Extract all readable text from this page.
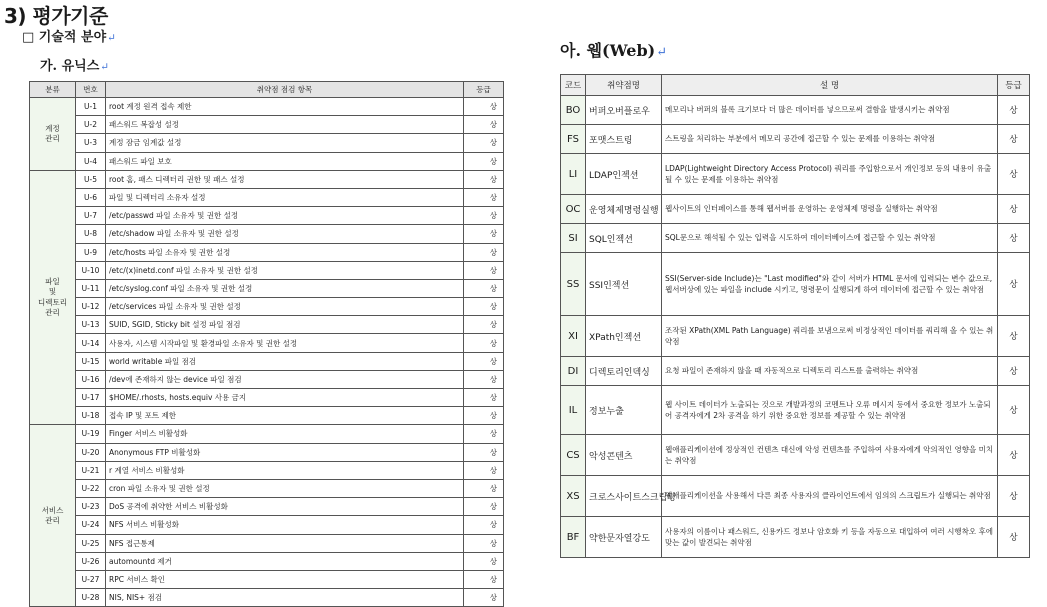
3) 평가기준
□ 기술적 분야↵
가. 유닉스↵
아. 웹(Web)↵
분류	번호	취약점 점검 항목	등급
계정
관리	U-1	root 계정 원격 접속 제한	상
	U-2	패스워드 복잡성 설정	상
	U-3	계정 잠금 임계값 설정	상
	U-4	패스워드 파일 보호	상
파일
및
디렉토리
관리	U-5	root 홈, 패스 디렉터리 권한 및 패스 설정	상
	U-6	파일 및 디렉터리 소유자 설정	상
	U-7	/etc/passwd 파일 소유자 및 권한 설정	상
	U-8	/etc/shadow 파일 소유자 및 권한 설정	상
	U-9	/etc/hosts 파일 소유자 및 권한 설정	상
	U-10	/etc/(x)inetd.conf 파일 소유자 및 권한 설정	상
	U-11	/etc/syslog.conf 파일 소유자 및 권한 설정	상
	U-12	/etc/services 파일 소유자 및 권한 설정	상
	U-13	SUID, SGID, Sticky bit 설정 파일 점검	상
	U-14	사용자, 시스템 시작파일 및 환경파일 소유자 및 권한 설정	상
	U-15	world writable 파일 점검	상
	U-16	/dev에 존재하지 않는 device 파일 점검	상
	U-17	$HOME/.rhosts, hosts.equiv 사용 금지	상
	U-18	접속 IP 및 포트 제한	상
서비스
관리	U-19	Finger 서비스 비활성화	상
	U-20	Anonymous FTP 비활성화	상
	U-21	r 계열 서비스 비활성화	상
	U-22	cron 파일 소유자 및 권한 설정	상
	U-23	DoS 공격에 취약한 서비스 비활성화	상
	U-24	NFS 서비스 비활성화	상
	U-25	NFS 접근통제	상
	U-26	automountd 제거	상
	U-27	RPC 서비스 확인	상
	U-28	NIS, NIS+ 점검	상
코드	취약점명	설 명	등급
BO	버퍼오버플로우	메모리나 버퍼의 블록 크기보다 더 많은 데이터를 넣으므로써 결함을 발생시키는 취약점	상
FS	포맷스트링	스트링을 처리하는 부분에서 메모리 공간에 접근할 수 있는 문제를 이용하는 취약점	상
LI	LDAP인젝션	LDAP(Lightweight Directory Access Protocol) 쿼리를 주입함으로서 개인정보 등의 내용이 유출될 수 있는 문제를 이용하는 취약점	상
OC	운영체제명령실행	웹사이트의 인터페이스를 통해 웹서버를 운영하는 운영체제 명령을 실행하는 취약점	상
SI	SQL인젝션	SQL문으로 해석될 수 있는 입력을 시도하여 데이터베이스에 접근할 수 있는 취약점	상
SS	SSI인젝션	SSI(Server-side Include)는 "Last modified"와 같이 서버가 HTML 문서에 입력되는 변수 값으로, 웹서버상에 있는 파일을 include 시키고, 명령문이 실행되게 하여 데이터에 접근할 수 있는 취약점	상
XI	XPath인젝션	조작된 XPath(XML Path Language) 쿼리를 보냄으로써 비정상적인 데이터를 쿼리해 올 수 있는 취약점	상
DI	디렉토리인덱싱	요청 파일이 존재하지 않을 때 자동적으로 디렉토리 리스트를 출력하는 취약점	상
IL	정보누출	웹 사이트 데이터가 노출되는 것으로 개발과정의 코멘트나 오류 메시지 등에서 중요한 정보가 노출되어 공격자에게 2차 공격을 하기 위한 중요한 정보를 제공할 수 있는 취약점	상
CS	악성콘텐츠	웹애플리케이션에 정상적인 컨텐츠 대신에 악성 컨텐츠를 주입하여 사용자에게 악의적인 영향을 미치는 취약점	상
XS	크로스사이트스크립팅	웹애플리케이션을 사용해서 다른 최종 사용자의 클라이언트에서 임의의 스크립트가 실행되는 취약점	상
BF	약한문자열강도	사용자의 이름이나 패스워드, 신용카드 정보나 암호화 키 등을 자동으로 대입하여 여러 시행착오 후에 맞는 값이 발견되는 취약점	상
